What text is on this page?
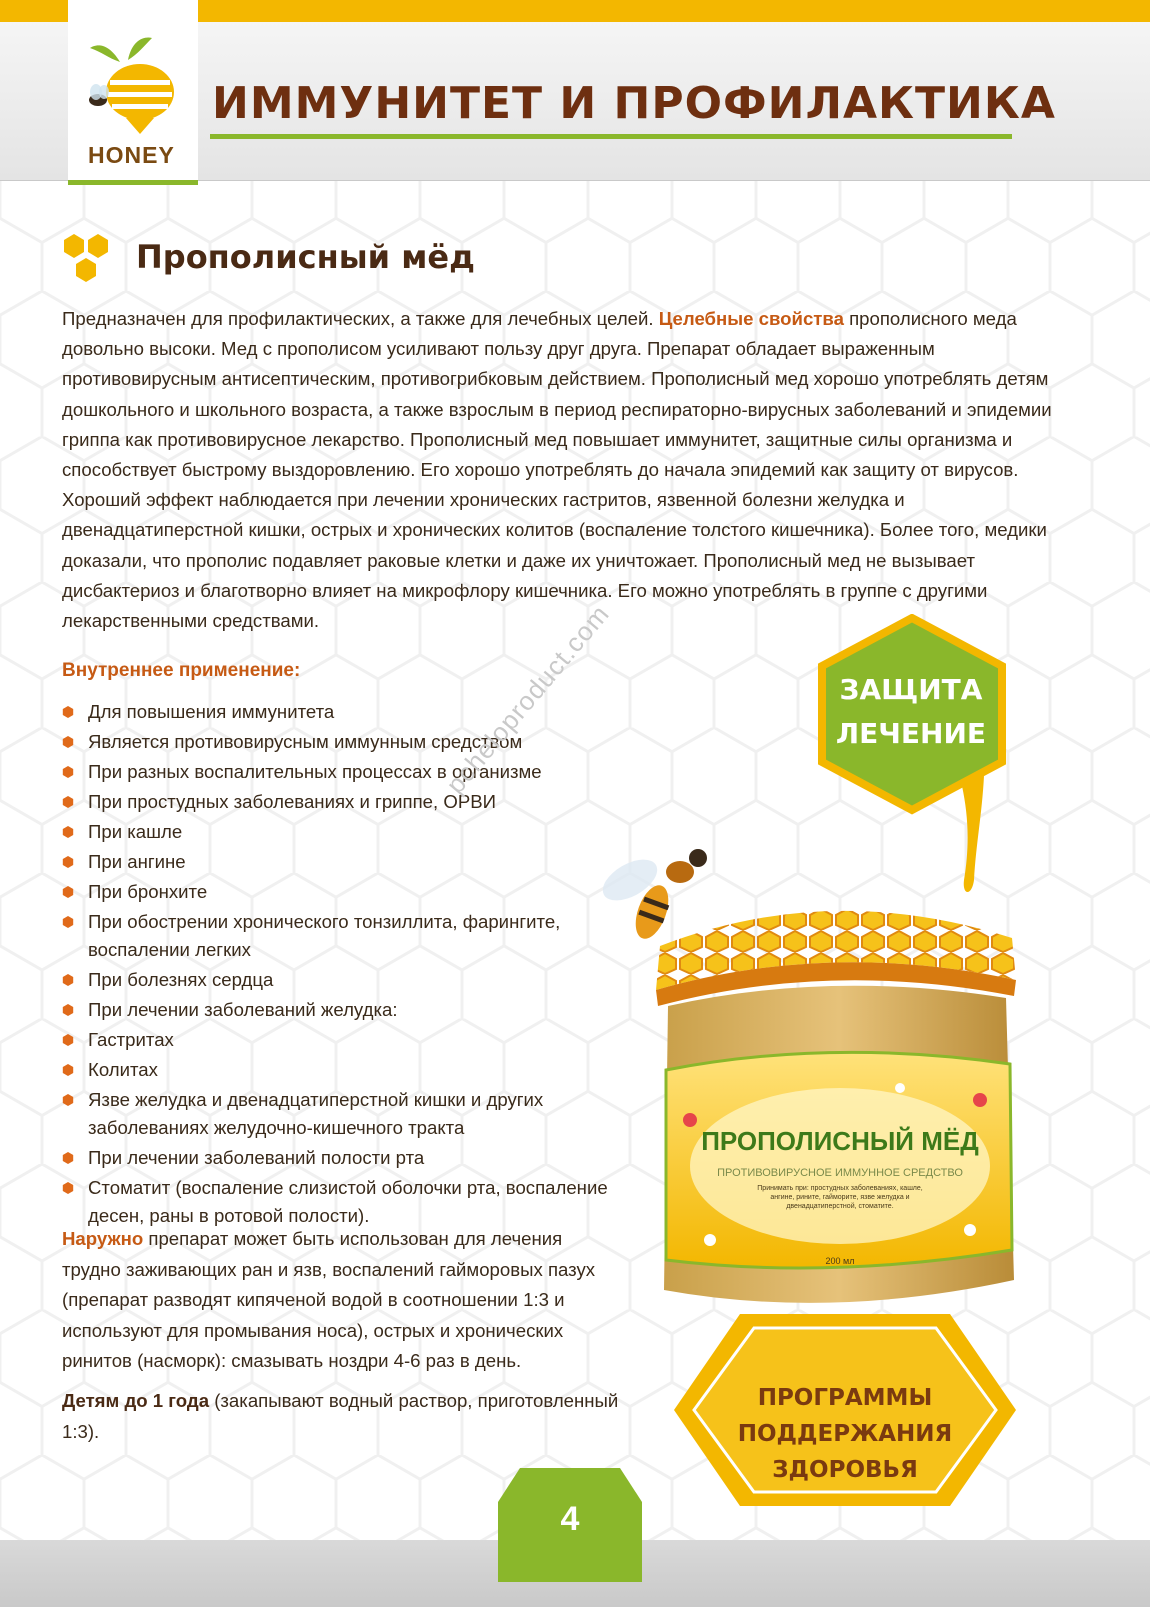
HONEY
ИММУНИТЕТ И ПРОФИЛАКТИКА
Прополисный мёд

Предназначен для профилактических, а также для лечебных целей. Целебные свойства прополисного меда довольно высоки. Мед с прополисом усиливают пользу друг друга. Препарат обладает выраженным противовирусным антисептическим, противогрибковым действием. Прополисный мед хорошо употреблять детям дошкольного и школьного возраста, а также взрослым в период респираторно-вирусных заболеваний и эпидемии гриппа как противовирусное лекарство. Прополисный мед повышает иммунитет, защитные силы организма и способствует быстрому выздоровлению. Его хорошо употреблять до начала эпидемий как защиту от вирусов. Хороший эффект наблюдается при лечении хронических гастритов, язвенной болезни желудка и двенадцатиперстной кишки, острых и хронических колитов (воспаление толстого кишечника). Более того, медики доказали, что прополис подавляет раковые клетки и даже их уничтожает. Прополисный мед не вызывает дисбактериоз и благотворно влияет на микрофлору кишечника. Его можно употреблять в группе с другими лекарственными средствами.

Внутреннее применение:
Для повышения иммунитета
Является противовирусным иммунным средством
При разных воспалительных процессах в организме
При простудных заболеваниях и гриппе, ОРВИ
При кашле
При ангине
При бронхите
При обострении хронического тонзиллита, фарингите, воспалении легких
При болезнях сердца
При лечении заболеваний желудка:
Гастритах
Колитах
Язве желудка и двенадцатиперстной кишки и других заболеваниях желудочно-кишечного тракта
При лечении заболеваний полости рта
Стоматит (воспаление слизистой оболочки рта, воспаление десен, раны в ротовой полости).

Наружно препарат может быть использован для лечения трудно заживающих ран и язв, воспалений гайморовых пазух (препарат разводят кипяченой водой в соотношении 1:3 и используют для промывания носа), острых и хронических ринитов (насморк): смазывать ноздри 4-6 раз в день.

Детям до 1 года (закапывают водный раствор, приготовленный 1:3).

pcheloproduct.com	ЗАЩИТА
ЛЕЧЕНИЕ
ПРОПОЛИСНЫЙ МЁД
ПРОТИВОВИРУСНОЕ ИММУННОЕ СРЕДСТВО
Принимать при: простудных заболеваниях, кашле, ангине, рините, гайморите, язве желудка и двенадцатиперстной, стоматите.
200 мл
ПРОГРАММЫ
ПОДДЕРЖАНИЯ
ЗДОРОВЬЯ
4
